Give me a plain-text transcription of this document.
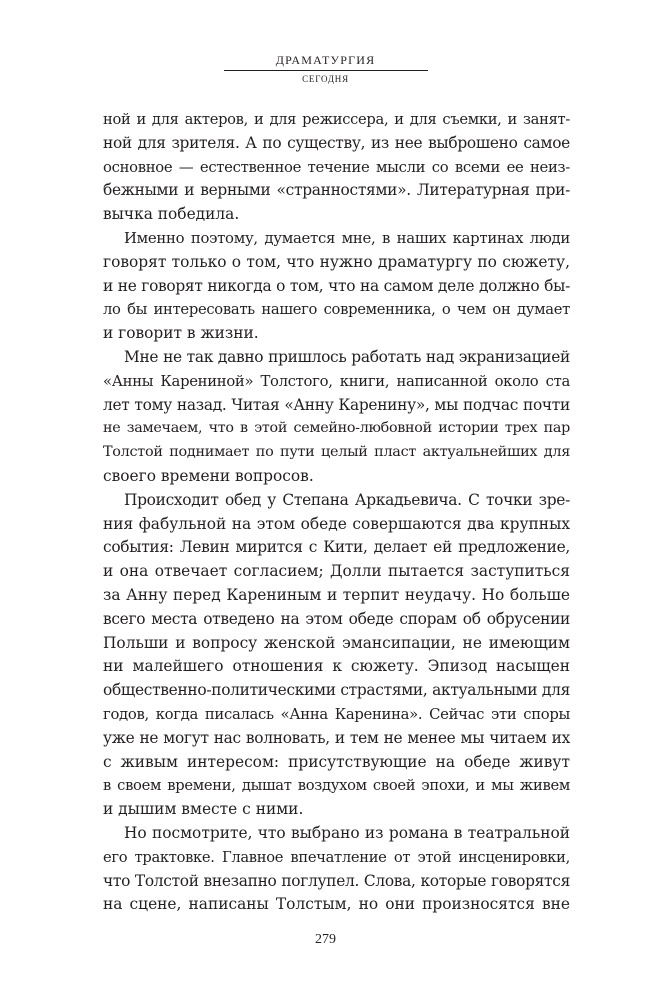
ДРАМАТУРГИЯ
СЕГОДНЯ
ной и для актеров, и для режиссера, и для съемки, и занят-
ной для зрителя. А по существу, из нее выброшено самое
основное — естественное течение мысли со всеми ее неиз-
бежными и верными «странностями». Литературная при-
вычка победила.
Именно поэтому, думается мне, в наших картинах люди
говорят только о том, что нужно драматургу по сюжету,
и не говорят никогда о том, что на самом деле должно бы-
ло бы интересовать нашего современника, о чем он думает
и говорит в жизни.
Мне не так давно пришлось работать над экранизацией
«Анны Карениной» Толстого, книги, написанной около ста
лет тому назад. Читая «Анну Каренину», мы подчас почти
не замечаем, что в этой семейно-любовной истории трех пар
Толстой поднимает по пути целый пласт актуальнейших для
своего времени вопросов.
Происходит обед у Степана Аркадьевича. С точки зре-
ния фабульной на этом обеде совершаются два крупных
события: Левин мирится с Кити, делает ей предложение,
и она отвечает согласием; Долли пытается заступиться
за Анну перед Карениным и терпит неудачу. Но больше
всего места отведено на этом обеде спорам об обрусении
Польши и вопросу женской эмансипации, не имеющим
ни малейшего отношения к сюжету. Эпизод насыщен
общественно-политическими страстями, актуальными для
годов, когда писалась «Анна Каренина». Сейчас эти споры
уже не могут нас волновать, и тем не менее мы читаем их
с живым интересом: присутствующие на обеде живут
в своем времени, дышат воздухом своей эпохи, и мы живем
и дышим вместе с ними.
Но посмотрите, что выбрано из романа в театральной
его трактовке. Главное впечатление от этой инсценировки,
что Толстой внезапно поглупел. Слова, которые говорятся
на сцене, написаны Толстым, но они произносятся вне
279
